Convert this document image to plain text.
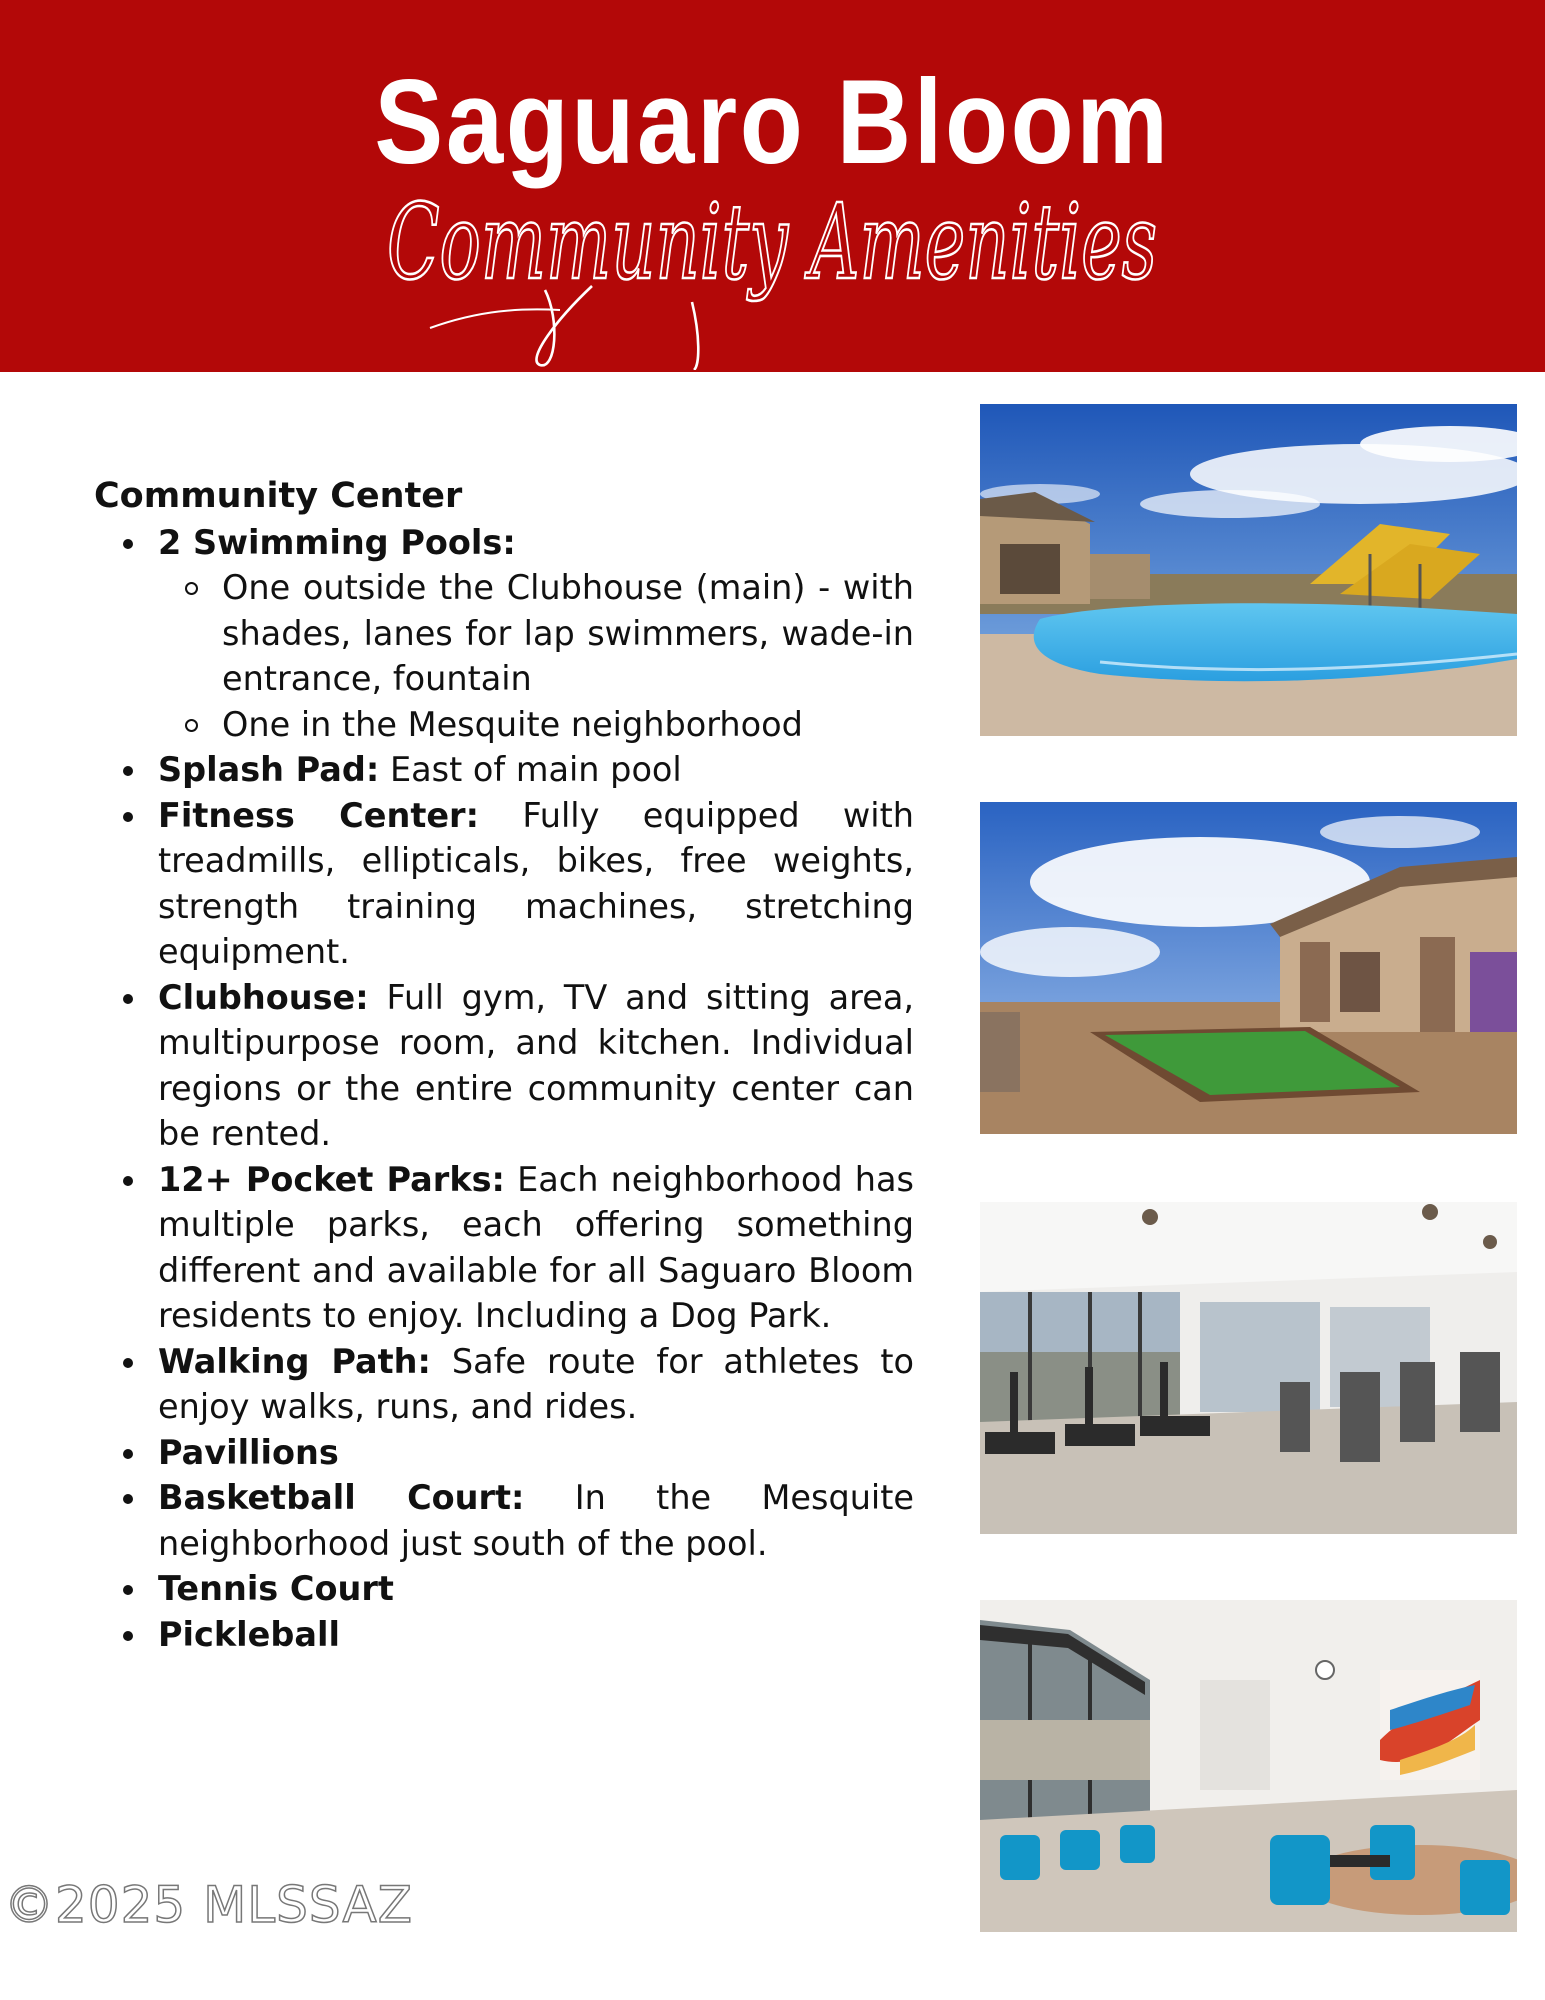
Saguaro Bloom
Community Amenities
Community Center
2 Swimming Pools:
One outside the Clubhouse (main) - with shades, lanes for lap swimmers, wade-in entrance, fountain
One in the Mesquite neighborhood
Splash Pad: East of main pool
Fitness Center: Fully equipped with treadmills, ellipticals, bikes, free weights, strength training machines, stretching equipment.
Clubhouse: Full gym, TV and sitting area, multipurpose room, and kitchen. Individual regions or the entire community center can be rented.
12+ Pocket Parks: Each neighborhood has multiple parks, each offering something different and available for all Saguaro Bloom residents to enjoy. Including a Dog Park.
Walking Path: Safe route for athletes to enjoy walks, runs, and rides.
Pavillions
Basketball Court: In the Mesquite neighborhood just south of the pool.
Tennis Court
Pickleball
©2025 MLSSAZ
